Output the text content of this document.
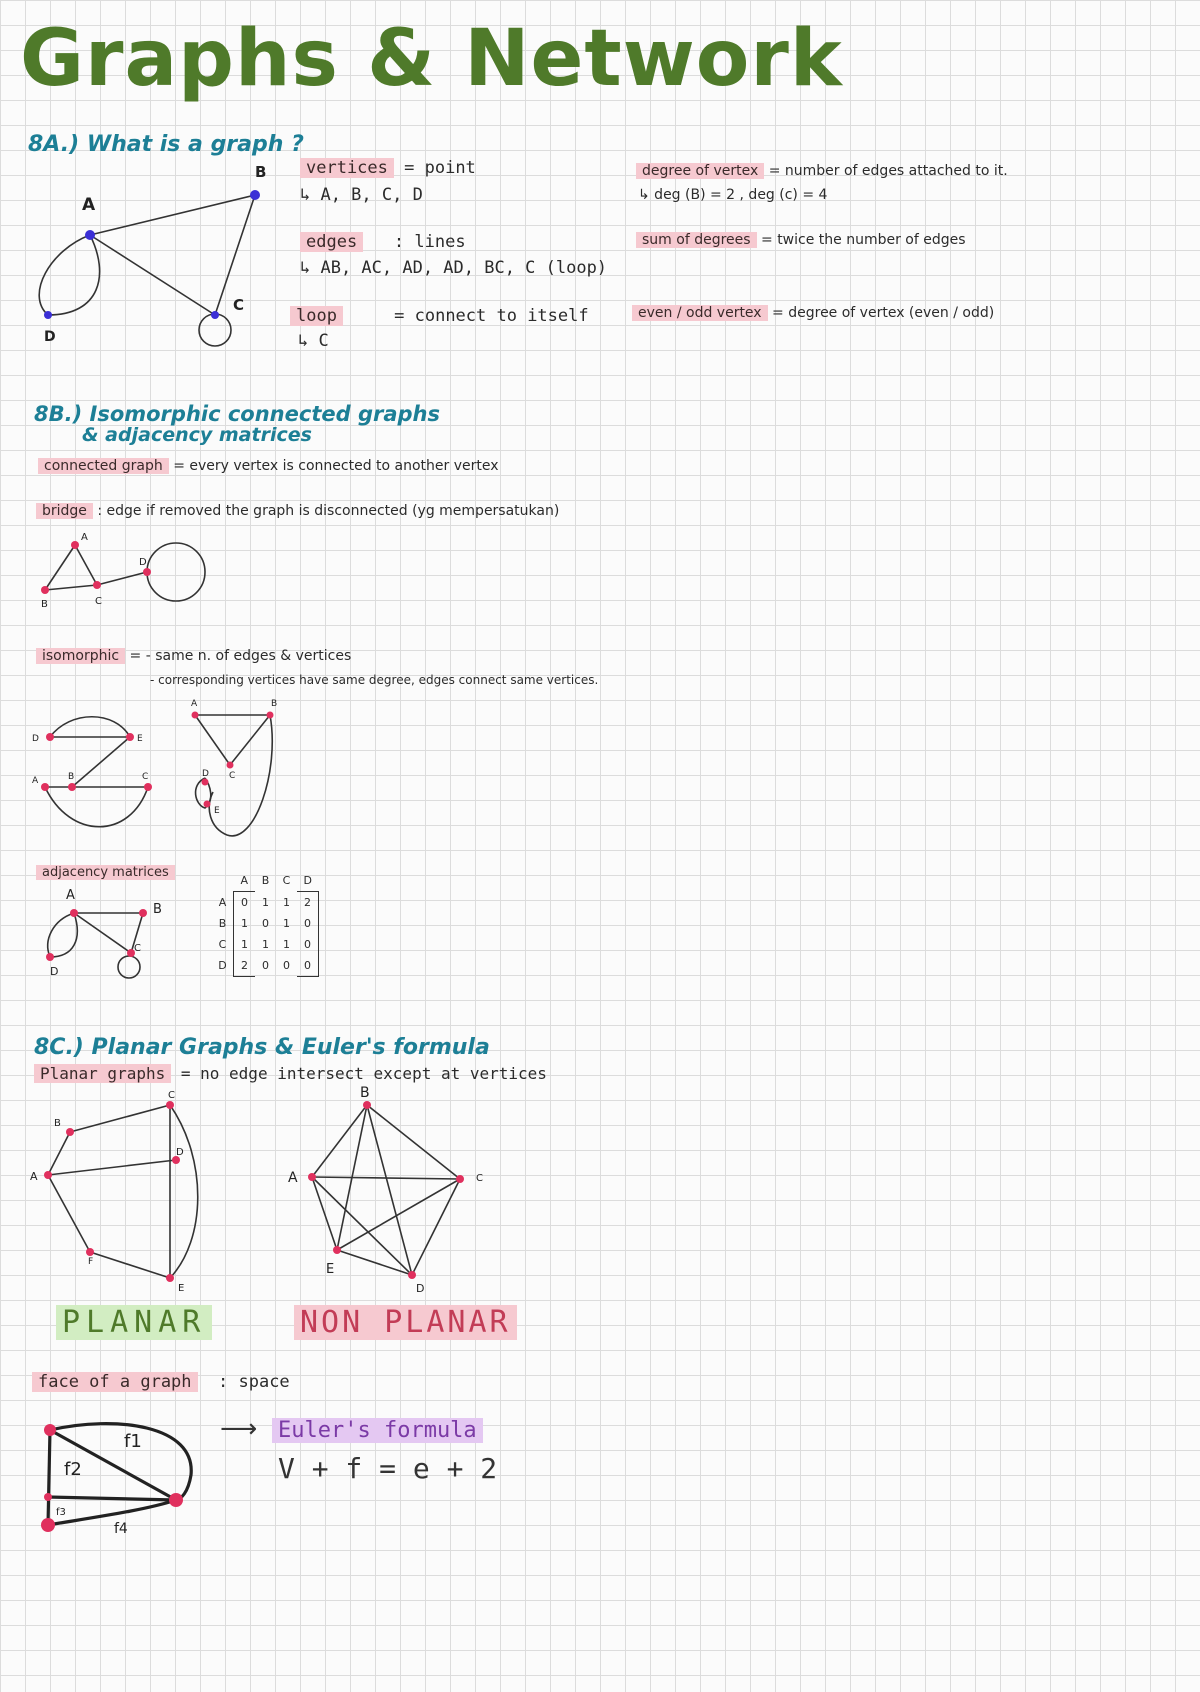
Graphs & Network
8A.) What is a graph ?
A
B
C
D
vertices = point
↳ A, B, C, D
edges : lines
↳ AB, AC, AD, AD, BC, C (loop)
loop	= connect to itself
↳ C
degree of vertex = number of edges attached to it.
↳ deg (B) = 2 , deg (c) = 4
sum of degrees = twice the number of edges
even / odd vertex = degree of vertex (even / odd)
8B.) Isomorphic connected graphs
& adjacency matrices
connected graph = every vertex is connected to another vertex
bridge : edge if removed the graph is disconnected (yg mempersatukan)
A
B	C
D
isomorphic = - same n. of edges & vertices
- corresponding vertices have same degree, edges connect same vertices.
D	E
A	B	C
A	B
C
D
E
adjacency matrices
A
B
C
D
	A	B	C	D
A	0	1	1	2
B	1	0	1	0
C	1	1	1	0
D	2	0	0	0
8C.) Planar Graphs & Euler's formula
Planar graphs = no edge intersect except at vertices
A
B
C
D
E
F
A
B
C
D
E
PLANAR	NON PLANAR
face of a graph : space
f1
f2
f3
f4
⟶ Euler's formula
V + f = e + 2
